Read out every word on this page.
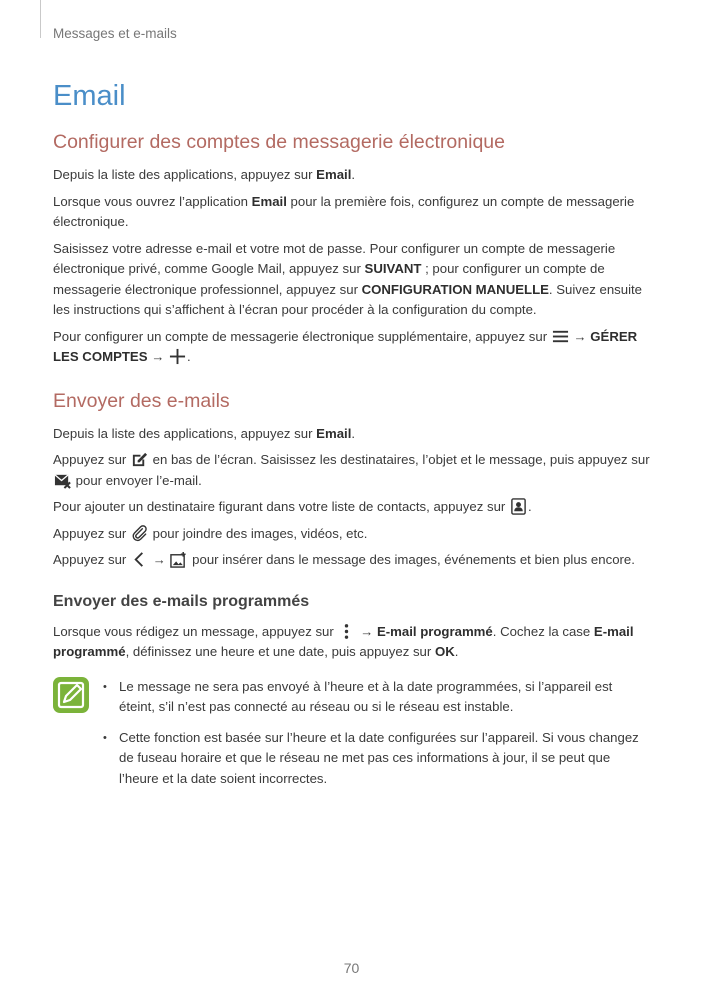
Messages et e-mails
Email
Configurer des comptes de messagerie électronique

Depuis la liste des applications, appuyez sur Email.

Lorsque vous ouvrez l’application Email pour la première fois, configurez un compte de messagerie électronique.

Saisissez votre adresse e-mail et votre mot de passe. Pour configurer un compte de messagerie électronique privé, comme Google Mail, appuyez sur SUIVANT ; pour configurer un compte de messagerie électronique professionnel, appuyez sur CONFIGURATION MANUELLE. Suivez ensuite les instructions qui s’affichent à l’écran pour procéder à la configuration du compte.

Pour configurer un compte de messagerie électronique supplémentaire, appuyez sur  → GÉRER LES COMPTES → .

Envoyer des e-mails

Depuis la liste des applications, appuyez sur Email.

Appuyez sur  en bas de l’écran. Saisissez les destinataires, l’objet et le message, puis appuyez sur  pour envoyer l’e-mail.

Pour ajouter un destinataire figurant dans votre liste de contacts, appuyez sur .

Appuyez sur  pour joindre des images, vidéos, etc.

Appuyez sur  →  pour insérer dans le message des images, événements et bien plus encore.

Envoyer des e-mails programmés

Lorsque vous rédigez un message, appuyez sur  → E-mail programmé. Cochez la case E-mail programmé, définissez une heure et une date, puis appuyez sur OK.

• Le message ne sera pas envoyé à l’heure et à la date programmées, si l’appareil est éteint, s’il n’est pas connecté au réseau ou si le réseau est instable.
• Cette fonction est basée sur l’heure et la date configurées sur l’appareil. Si vous changez de fuseau horaire et que le réseau ne met pas ces informations à jour, il se peut que l’heure et la date soient incorrectes.
70
